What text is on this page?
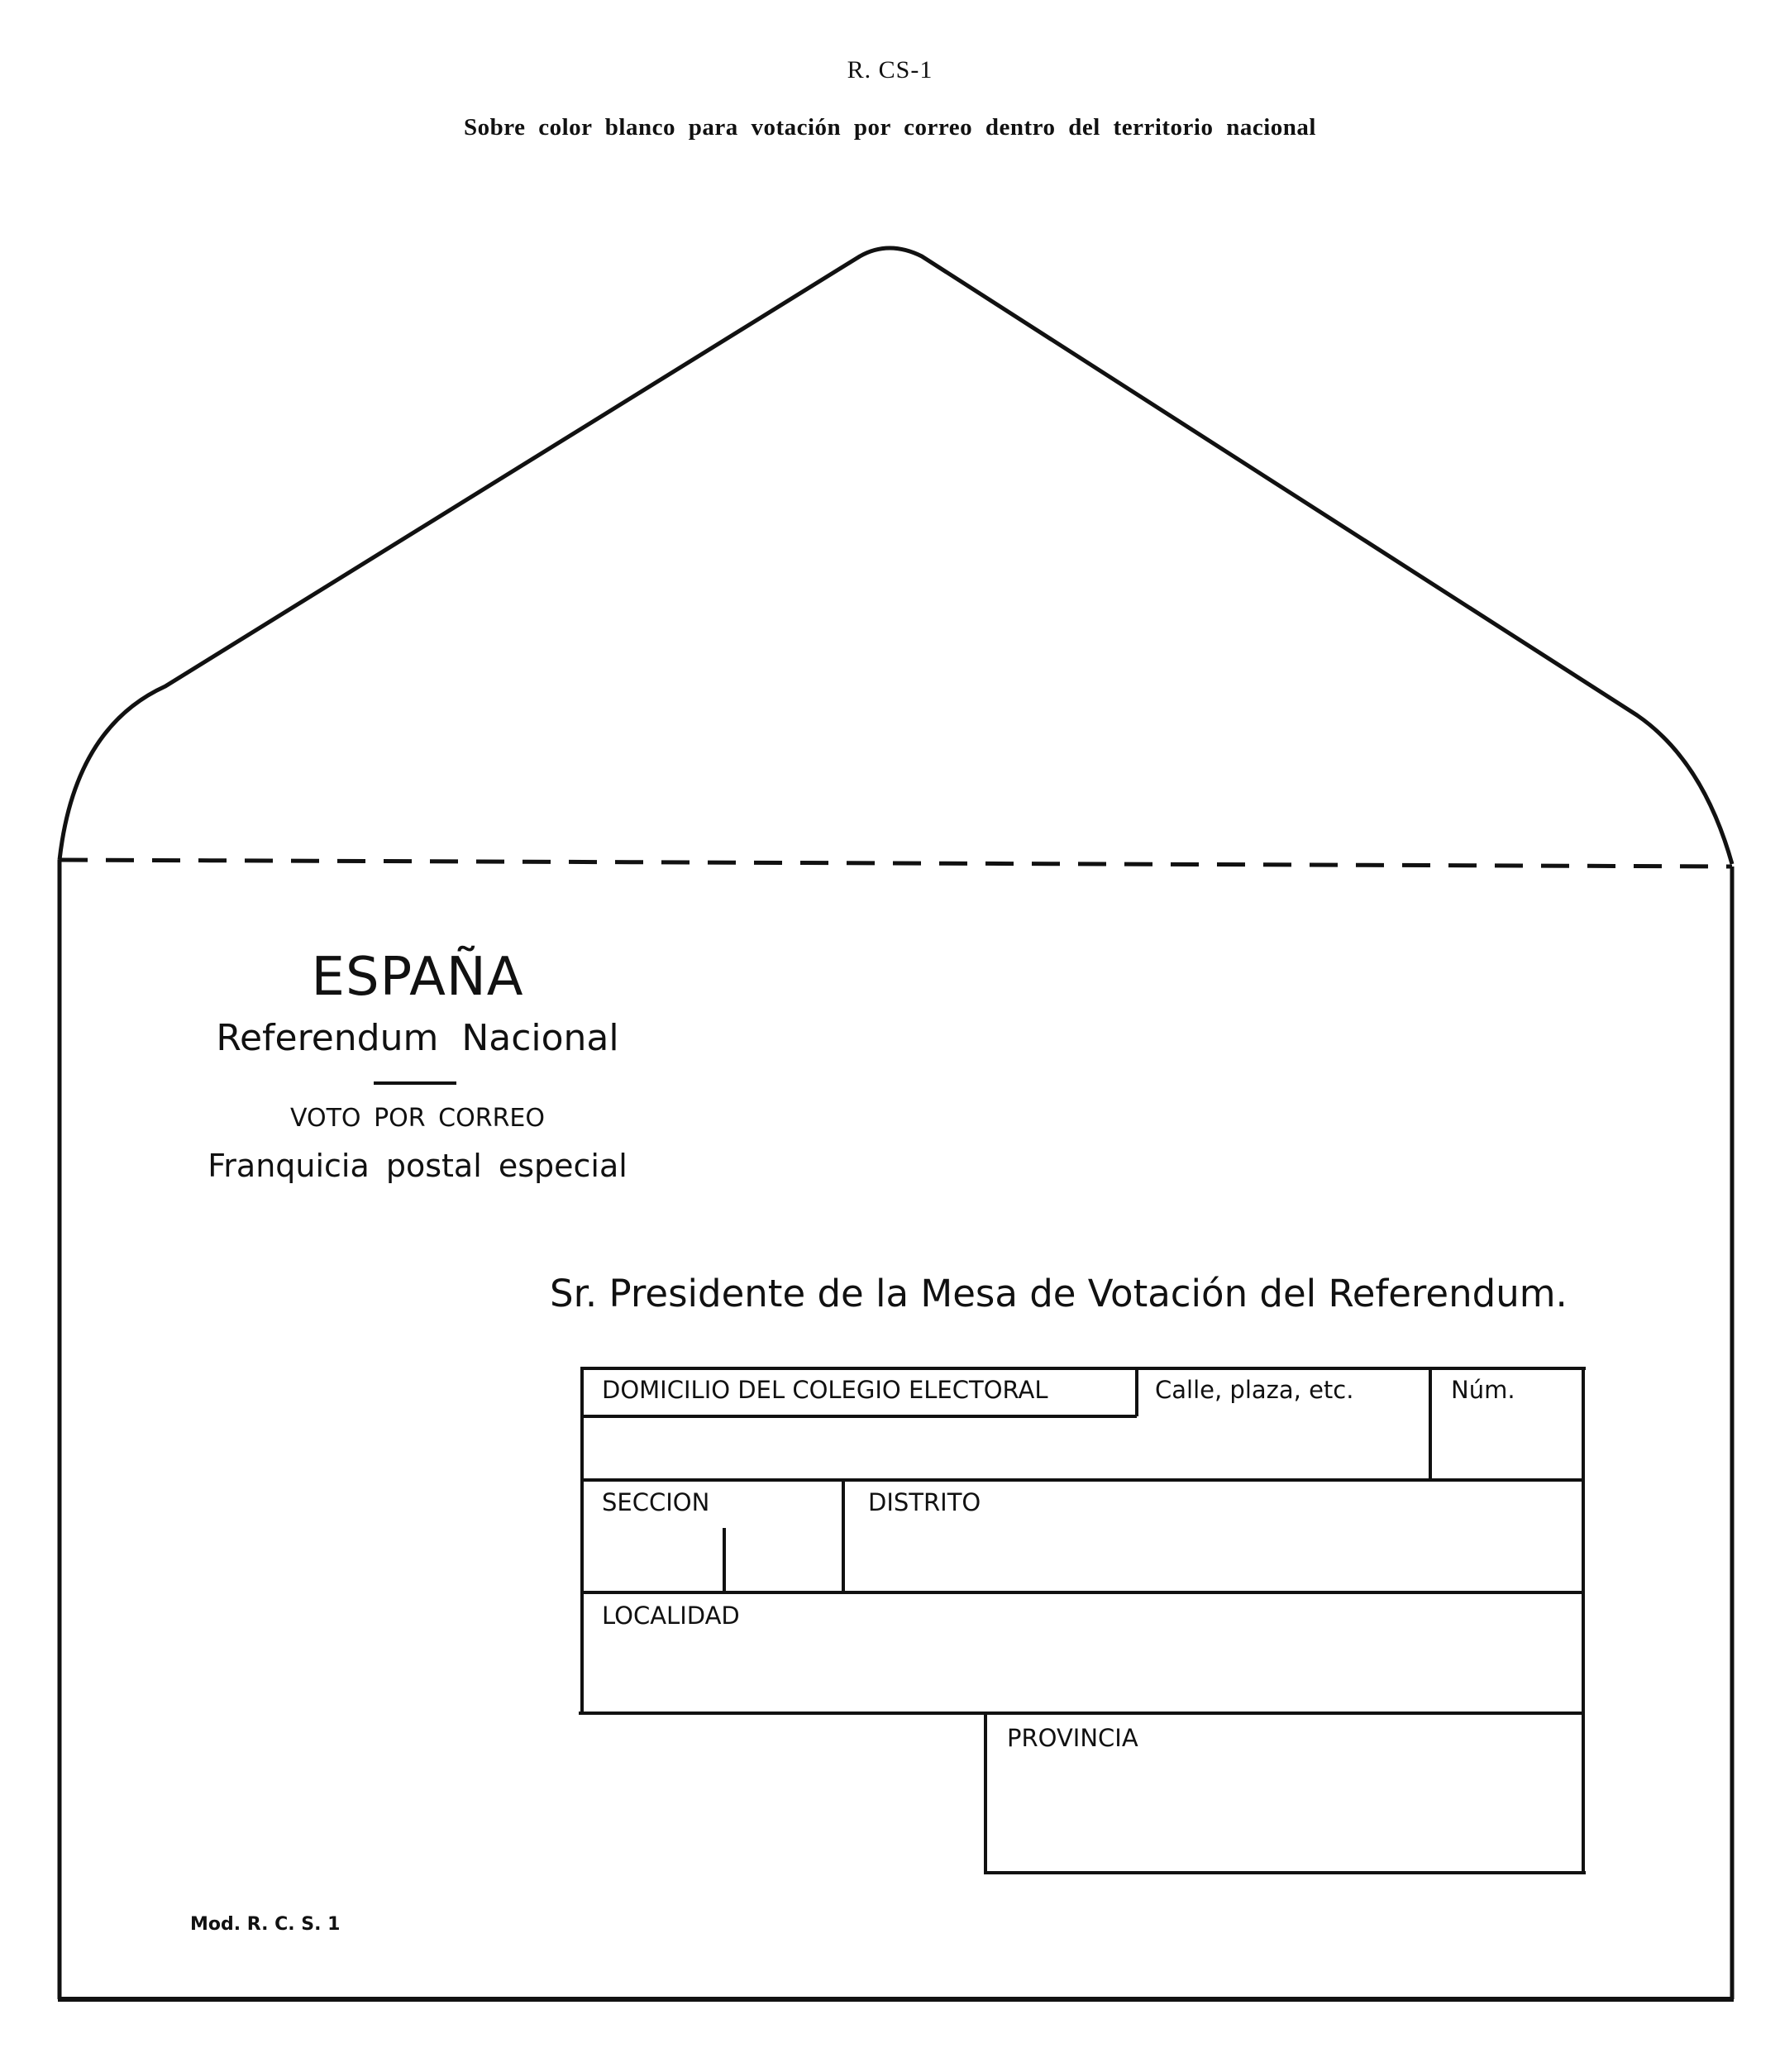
R. CS-1
Sobre color blanco para votación por correo dentro del territorio nacional
ESPAÑA
Referendum Nacional
VOTO POR CORREO
Franquicia postal especial
Sr. Presidente de la Mesa de Votación del Referendum.
DOMICILIO DEL COLEGIO ELECTORAL	Calle, plaza, etc.	Núm.
SECCION	DISTRITO
LOCALIDAD
PROVINCIA
Mod. R. C. S. 1
